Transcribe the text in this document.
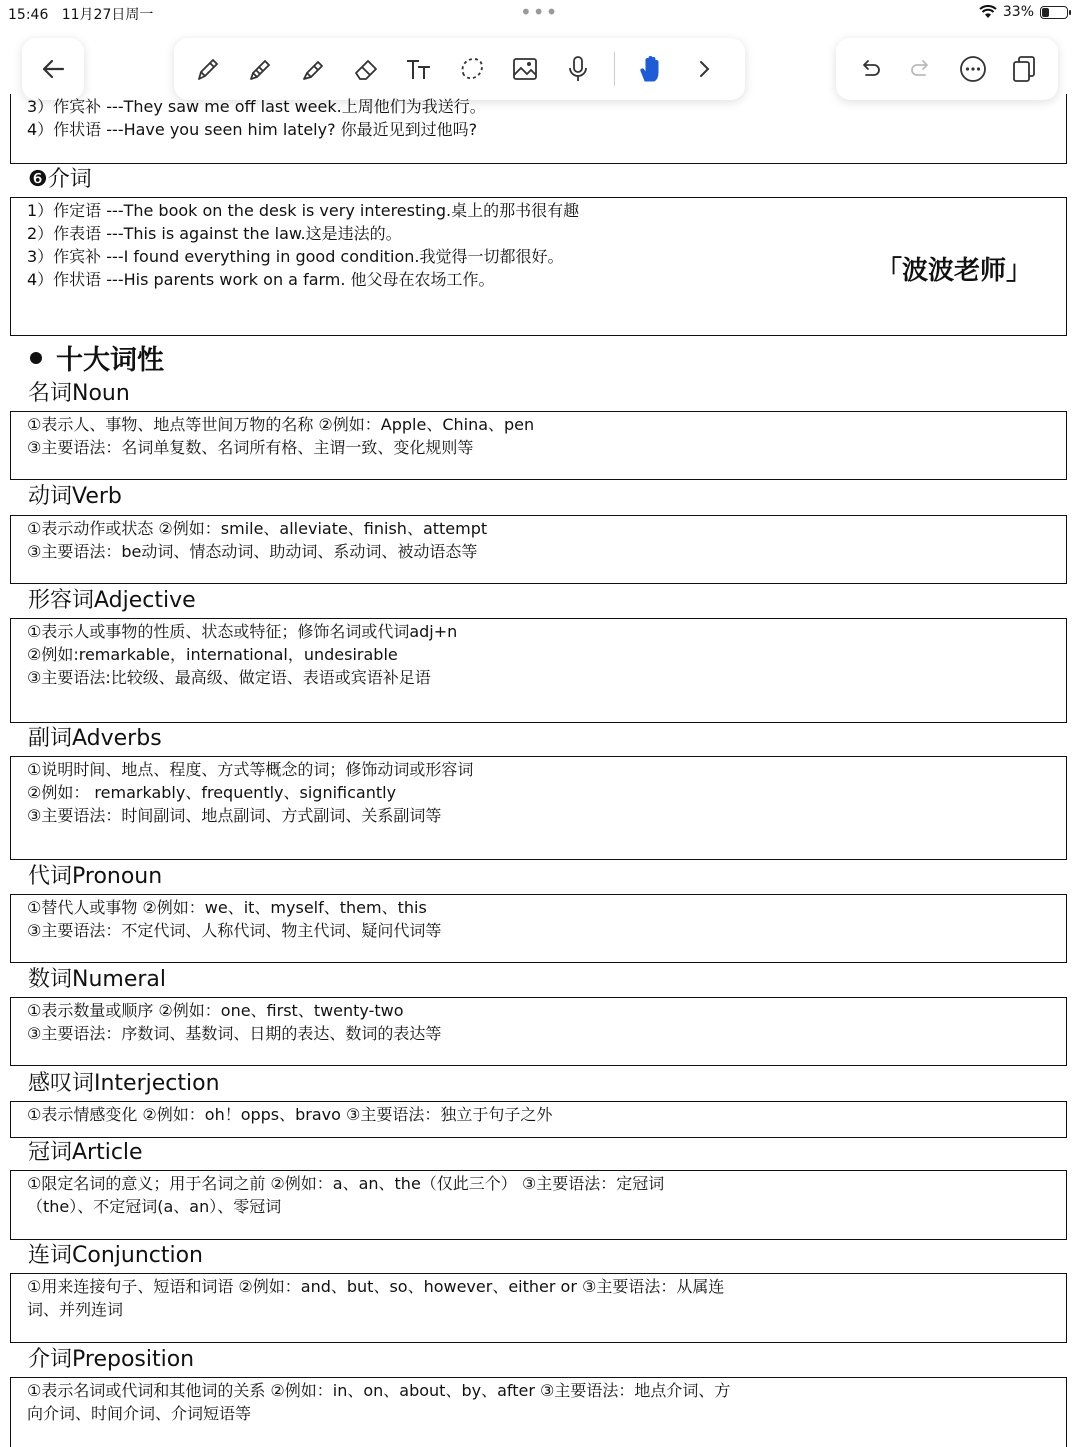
15:46 11月27日周一	•••	33%
3）作宾补 ---They saw me off last week.上周他们为我送行。
4）作状语 ---Have you seen him lately? 你最近见到过他吗?
❻介词
1）作定语 ---The book on the desk is very interesting.桌上的那书很有趣
2）作表语 ---This is against the law.这是违法的。
3）作宾补 ---I found everything in good condition.我觉得一切都很好。
4）作状语 ---His parents work on a farm. 他父母在农场工作。	「波波老师」
十大词性
名词Noun
①表示人、事物、地点等世间万物的名称 ②例如：Apple、China、pen
③主要语法：名词单复数、名词所有格、主谓一致、变化规则等
动词Verb
①表示动作或状态 ②例如：smile、alleviate、finish、attempt
③主要语法：be动词、情态动词、助动词、系动词、被动语态等
形容词Adjective
①表示人或事物的性质、状态或特征；修饰名词或代词adj+n
②例如:remarkable，international，undesirable
③主要语法:比较级、最高级、做定语、表语或宾语补足语
副词Adverbs
①说明时间、地点、程度、方式等概念的词；修饰动词或形容词
②例如： remarkably、frequently、significantly
③主要语法：时间副词、地点副词、方式副词、关系副词等
代词Pronoun
①替代人或事物 ②例如：we、it、myself、them、this
③主要语法：不定代词、人称代词、物主代词、疑问代词等
数词Numeral
①表示数量或顺序 ②例如：one、first、twenty-two
③主要语法：序数词、基数词、日期的表达、数词的表达等
感叹词Interjection
①表示情感变化 ②例如：oh！opps、bravo ③主要语法：独立于句子之外
冠词Article
①限定名词的意义；用于名词之前 ②例如：a、an、the（仅此三个） ③主要语法：定冠词
（the）、不定冠词(a、an）、零冠词
连词Conjunction
①用来连接句子、短语和词语 ②例如：and、but、so、however、either or ③主要语法：从属连
词、并列连词
介词Preposition
①表示名词或代词和其他词的关系 ②例如：in、on、about、by、after ③主要语法：地点介词、方
向介词、时间介词、介词短语等
